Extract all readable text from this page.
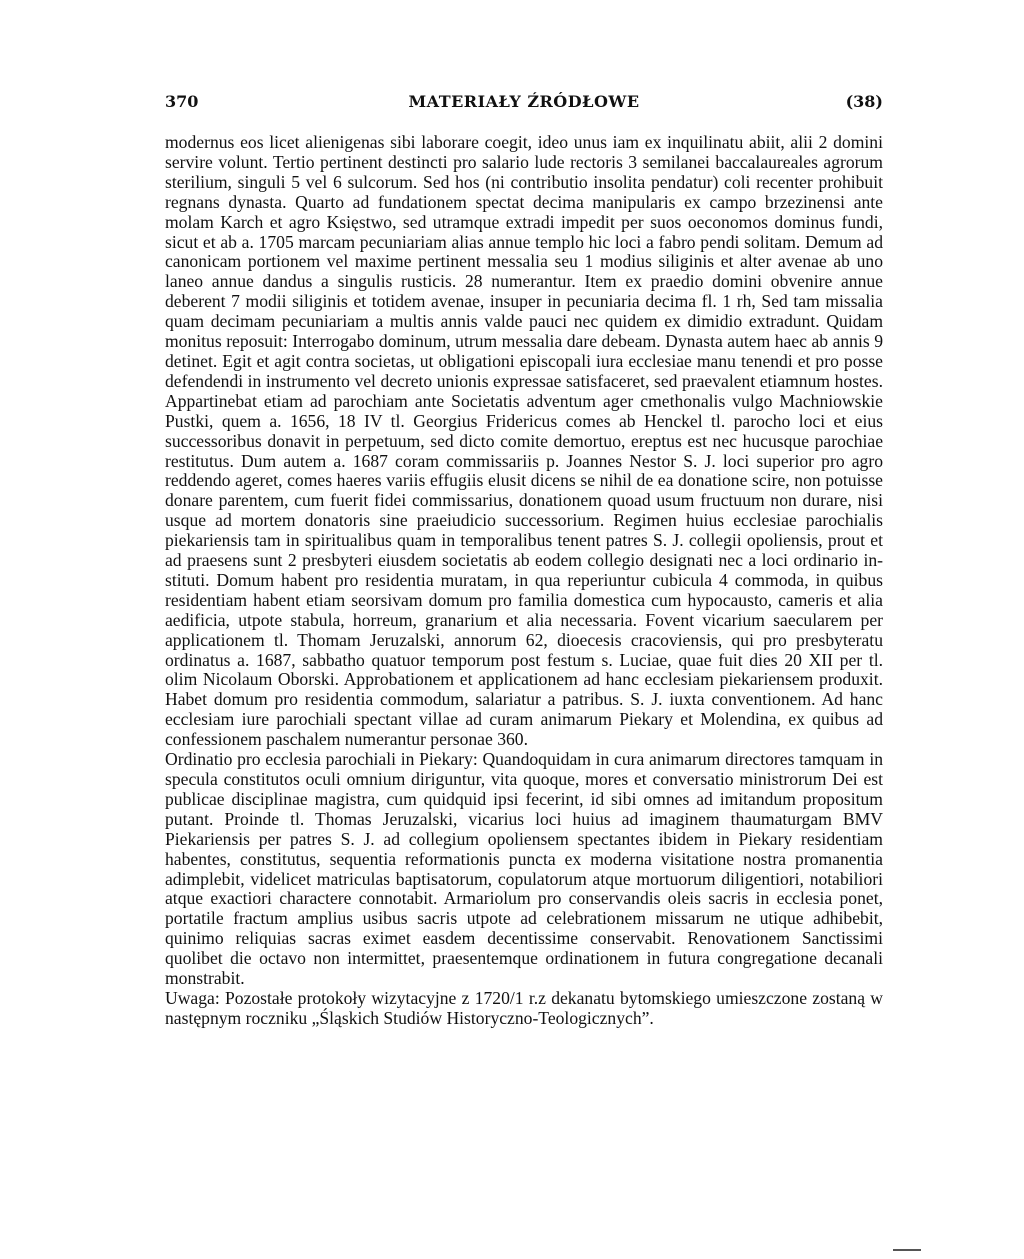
370	MATERIAŁY ŹRÓDŁOWE	(38)

modernus eos licet alienigenas sibi laborare coegit, ideo unus iam ex inquilinatu abiit, alii 2 domini servire volunt. Tertio pertinent destincti pro salario lude rectoris 3 semilanei baccalaureales agrorum sterilium, singuli 5 vel 6 sulcorum. Sed hos (ni contributio insolita pendatur) coli recenter prohibuit regnans dynasta. Quarto ad fundationem spectat decima manipularis ex campo brzezinensi ante molam Karch et agro Księstwo, sed utramque extradi impedit per suos oeconomos dominus fundi, sicut et ab a. 1705 marcam pecuniariam alias annue templo hic loci a fabro pendi solitam. Demum ad canonicam portionem vel maxime pertinent messalia seu 1 modius siliginis et alter avenae ab uno laneo annue dandus a singulis rusticis. 28 numerantur. Item ex praedio domini obvenire annue deberent 7 modii siliginis et totidem avenae, insuper in pecuniaria decima fl. 1 rh, Sed tam missalia quam decimam pecuniariam a multis annis valde pauci nec quidem ex dimidio extradunt. Quidam monitus reposuit: Interrogabo dominum, utrum messalia dare debeam. Dynasta autem haec ab annis 9 detinet. Egit et agit contra societas, ut obligationi episcopali iura ecclesiae manu tenendi et pro posse defendendi in instrumento vel decreto unionis expressae satisfaceret, sed praevalent etiamnum hostes. Appartinebat etiam ad parochiam ante Societatis adventum ager cmethonalis vulgo Machniowskie Pustki, quem a. 1656, 18 IV tl. Georgius Fridericus comes ab Henckel tl. parocho loci et eius successoribus donavit in perpetuum, sed dicto comite demortuo, ereptus est nec hucusque parochiae restitutus. Dum autem a. 1687 coram commissariis p. Joannes Nestor S. J. loci superior pro agro reddendo ageret, comes haeres variis effugiis elusit dicens se nihil de ea donatione scire, non potuisse donare parentem, cum fuerit fidei commissarius, donationem quoad usum fructuum non durare, nisi usque ad mortem donatoris sine praeiudicio successorium. Regimen huius ecclesiae parochialis piekariensis tam in spiritualibus quam in temporalibus tenent patres S. J. collegii opoliensis, prout et ad praesens sunt 2 presbyteri eiusdem societatis ab eodem collegio designati nec a loci ordinario instituti. Domum habent pro residentia muratam, in qua reperiuntur cubicula 4 commoda, in quibus residentiam habent etiam seorsivam domum pro familia domestica cum hypocausto, cameris et alia aedificia, utpote stabula, horreum, granarium et alia necessaria. Fovent vicarium saecularem per applicationem tl. Thomam Jeruzalski, annorum 62, dioecesis cracoviensis, qui pro presbyteratu ordinatus a. 1687, sabbatho quatuor temporum post festum s. Luciae, quae fuit dies 20 XII per tl. olim Nicolaum Oborski. Approbationem et applicationem ad hanc ecclesiam piekariensem produxit. Habet domum pro residentia commodum, salariatur a patribus. S. J. iuxta conventionem. Ad hanc ecclesiam iure parochiali spectant villae ad curam animarum Piekary et Molendina, ex quibus ad confessionem paschalem numerantur personae 360.

Ordinatio pro ecclesia parochiali in Piekary: Quandoquidam in cura animarum directores tamquam in specula constitutos oculi omnium diriguntur, vita quoque, mores et conversatio ministrorum Dei est publicae disciplinae magistra, cum quidquid ipsi fecerint, id sibi omnes ad imitandum propositum putant. Proinde tl. Thomas Jeruzalski, vicarius loci huius ad imaginem thaumaturgam BMV Piekariensis per patres S. J. ad collegium opoliensem spectantes ibidem in Piekary residentiam habentes, constitutus, sequentia reformationis puncta ex moderna visitatione nostra promanentia adimplebit, videlicet matriculas baptisatorum, copulatorum atque mortuorum diligentiori, notabiliori atque exactiori charactere connotabit. Armariolum pro conservandis oleis sacris in ecclesia ponet, portatile fractum amplius usibus sacris utpote ad celebrationem missarum ne utique adhibebit, quinimo reliquias sacras eximet easdem decentissime conservabit. Renovationem Sanctissimi quolibet die octavo non intermittet, praesentemque ordinationem in futura congregatione decanali monstrabit.

Uwaga: Pozostałe protokoły wizytacyjne z 1720/1 r.z dekanatu bytomskiego umieszczone zostaną w następnym roczniku „Śląskich Studiów Historyczno-Teologicznych”.
